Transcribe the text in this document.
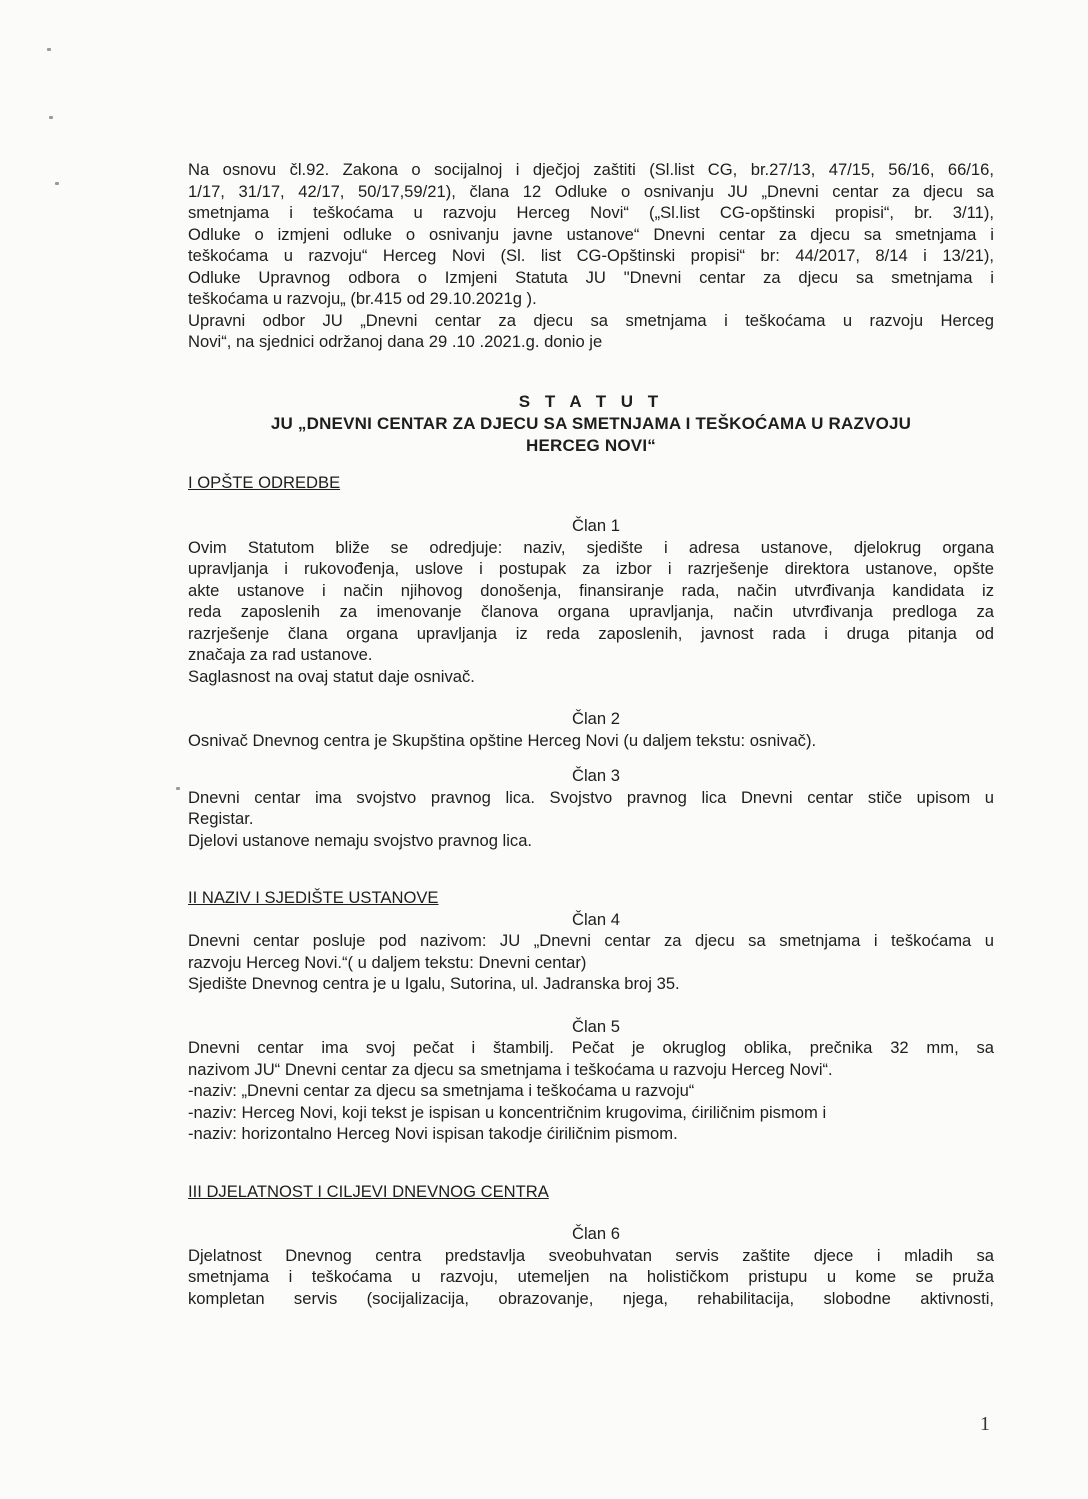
Na osnovu čl.92. Zakona o socijalnoj i dječjoj zaštiti (Sl.list CG, br.27/13, 47/15, 56/16, 66/16,
1/17, 31/17, 42/17, 50/17,59/21), člana 12 Odluke o osnivanju JU „Dnevni centar za djecu sa
smetnjama i teškoćama u razvoju Herceg Novi“ („Sl.list CG-opštinski propisi“, br. 3/11),
Odluke o izmjeni odluke o osnivanju javne ustanove“ Dnevni centar za djecu sa smetnjama i
teškoćama u razvoju“ Herceg Novi (Sl. list CG-Opštinski propisi“ br: 44/2017, 8/14 i 13/21),
Odluke Upravnog odbora o Izmjeni Statuta JU "Dnevni centar za djecu sa smetnjama i
teškoćama u razvoju„ (br.415 od 29.10.2021g ).

Upravni odbor JU „Dnevni centar za djecu sa smetnjama i teškoćama u razvoju Herceg
Novi“, na sjednici održanoj dana 29 .10 .2021.g. donio je

S T A T U T
JU „DNEVNI CENTAR ZA DJECU SA SMETNJAMA I TEŠKOĆAMA U RAZVOJU
HERCEG NOVI“

I OPŠTE ODREDBE

Član 1

Ovim Statutom bliže se odredjuje: naziv, sjedište i adresa ustanove, djelokrug organa
upravljanja i rukovođenja, uslove i postupak za izbor i razrješenje direktora ustanove, opšte
akte ustanove i način njihovog donošenja, finansiranje rada, način utvrđivanja kandidata iz
reda zaposlenih za imenovanje članova organa upravljanja, način utvrđivanja predloga za
razrješenje člana organa upravljanja iz reda zaposlenih, javnost rada i druga pitanja od
značaja za rad ustanove.

Saglasnost na ovaj statut daje osnivač.

Član 2

Osnivač Dnevnog centra je Skupština opštine Herceg Novi (u daljem tekstu: osnivač).

Član 3

Dnevni centar ima svojstvo pravnog lica. Svojstvo pravnog lica Dnevni centar stiče upisom u
Registar.

Djelovi ustanove nemaju svojstvo pravnog lica.

II NAZIV I SJEDIŠTE USTANOVE

Član 4

Dnevni centar posluje pod nazivom: JU „Dnevni centar za djecu sa smetnjama i teškoćama u
razvoju Herceg Novi.“( u daljem tekstu: Dnevni centar)

Sjedište Dnevnog centra je u Igalu, Sutorina, ul. Jadranska broj 35.

Član 5

Dnevni centar ima svoj pečat i štambilj. Pečat je okruglog oblika, prečnika 32 mm, sa
nazivom JU“ Dnevni centar za djecu sa smetnjama i teškoćama u razvoju Herceg Novi“.

-naziv: „Dnevni centar za djecu sa smetnjama i teškoćama u razvoju“
-naziv: Herceg Novi, koji tekst je ispisan u koncentričnim krugovima, ćiriličnim pismom i
-naziv: horizontalno Herceg Novi ispisan takodje ćiriličnim pismom.

III DJELATNOST I CILJEVI DNEVNOG CENTRA

Član 6

Djelatnost Dnevnog centra predstavlja sveobuhvatan servis zaštite djece i mladih sa
smetnjama i teškoćama u razvoju, utemeljen na holističkom pristupu u kome se pruža
kompletan servis (socijalizacija, obrazovanje, njega, rehabilitacija, slobodne aktivnosti,

1
